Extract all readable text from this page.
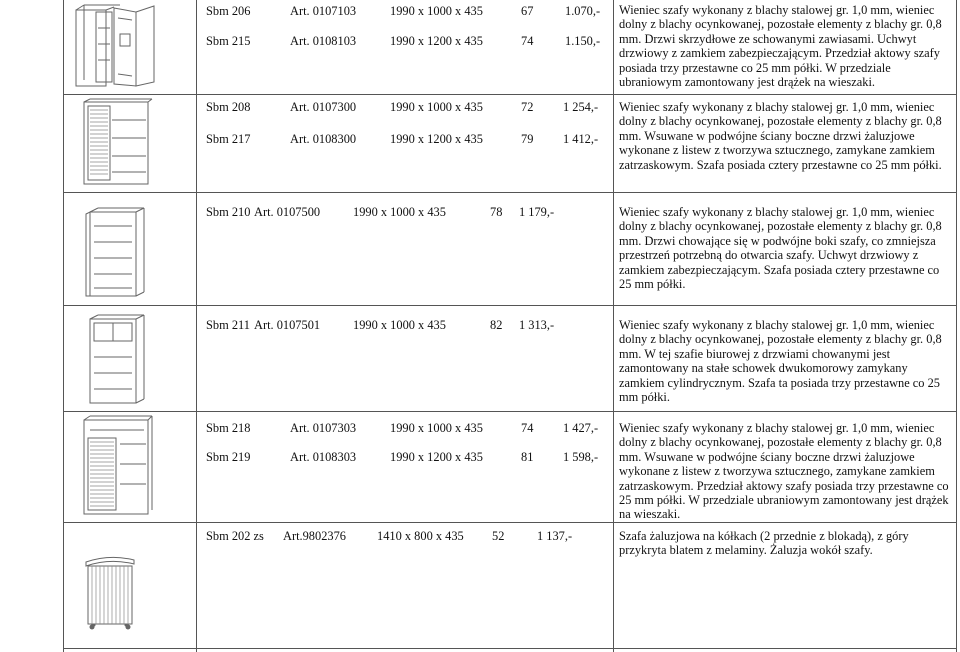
Sbm 206	Art. 0107103	1990 x 1000 x 435	67	1.070,-
Sbm 215	Art. 0108103	1990 x 1200 x 435	74	1.150,-
Wieniec szafy wykonany z blachy stalowej gr. 1,0 mm, wieniec dolny z blachy ocynkowanej, pozostałe elementy z blachy gr. 0,8 mm. Drzwi skrzydłowe ze schowanymi zawiasami. Uchwyt drzwiowy z zamkiem zabezpieczającym. Przedział aktowy szafy posiada trzy przestawne co 25 mm półki. W przedziale ubraniowym zamontowany jest drążek na wieszaki.
Sbm 208	Art. 0107300	1990 x 1000 x 435	72 1 254,-
Sbm 217	Art. 0108300	1990 x 1200 x 435	79 1 412,-
Wieniec szafy wykonany z blachy stalowej gr. 1,0 mm, wieniec dolny z blachy ocynkowanej, pozostałe elementy z blachy gr. 0,8 mm. Wsuwane w podwójne ściany boczne drzwi żaluzjowe wykonane z listew z tworzywa sztucznego, zamykane zamkiem zatrzaskowym. Szafa posiada cztery przestawne co 25 mm półki.
Sbm 210 Art. 0107500	1990 x 1000 x 435	78 1 179,-	Wieniec szafy wykonany z blachy stalowej gr. 1,0 mm, wieniec dolny z blachy ocynkowanej, pozostałe elementy z blachy gr. 0,8 mm. Drzwi chowające się w podwójne boki szafy, co zmniejsza przestrzeń potrzebną do otwarcia szafy. Uchwyt drzwiowy z zamkiem zabezpieczającym. Szafa posiada cztery przestawne co 25 mm półki.
Sbm 211 Art. 0107501	1990 x 1000 x 435	82 1 313,-	Wieniec szafy wykonany z blachy stalowej gr. 1,0 mm, wieniec dolny z blachy ocynkowanej, pozostałe elementy z blachy gr. 0,8 mm. W tej szafie biurowej z drzwiami chowanymi jest zamontowany na stałe schowek dwukomorowy zamykany zamkiem cylindrycznym. Szafa ta posiada trzy przestawne co 25 mm półki.
Sbm 218	Art. 0107303	1990 x 1000 x 435	74 1 427,-
Sbm 219	Art. 0108303	1990 x 1200 x 435	81 1 598,-
Wieniec szafy wykonany z blachy stalowej gr. 1,0 mm, wieniec dolny z blachy ocynkowanej, pozostałe elementy z blachy gr. 0,8 mm. Wsuwane w podwójne ściany boczne drzwi żaluzjowe wykonane z listew z tworzywa sztucznego, zamykane zamkiem zatrzaskowym. Przedział aktowy szafy posiada trzy przestawne co 25 mm półki. W przedziale ubraniowym zamontowany jest drążek na wieszaki.
Sbm 202 zs Art.9802376	1410 x 800 x 435 52	1 137,-	Szafa żaluzjowa na kółkach (2 przednie z blokadą), z góry przykryta blatem z melaminy. Żaluzja wokół szafy.
